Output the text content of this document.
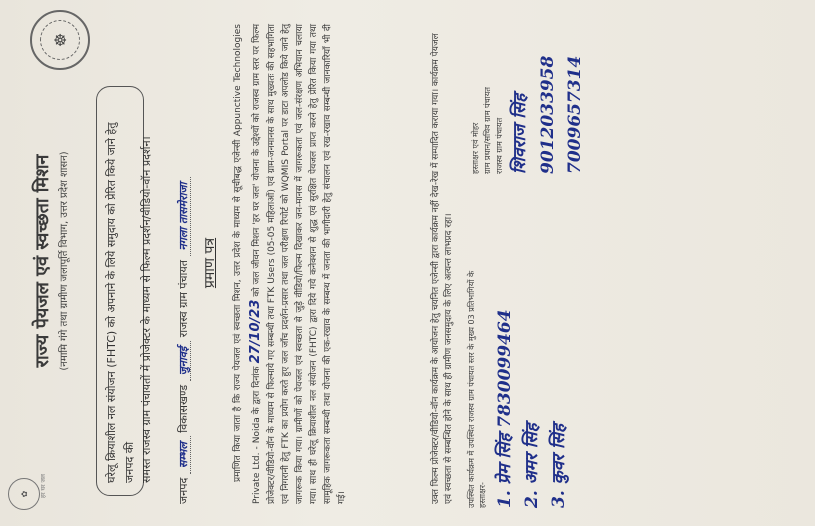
✿	हर घर जल
☸
राज्य पेयजल एवं स्वच्छता मिशन (नमामि गंगे तथा ग्रामीण जलापूर्ति विभाग, उत्तर प्रदेश शासन)	घरेलू क्रियाशील नल संयोजन (FHTC) को अपनाने के लिये समुदाय को प्रेरित किये जाने हेतु जनपद की समस्त राजस्व ग्राम पंचायतों में प्रोजेक्टर के माध्यम से फिल्म प्रदर्शन/वीडियो-वॉन प्रदर्शन।
जनपद सम्भल विकासखण्ड जुनावई राजस्व ग्राम पंचायत नगला तासमेराजा
प्रमाण पत्र प्रमाणित किया जाता है कि राज्य पेयजल एवं स्वच्छता मिशन, उत्तर प्रदेश के माध्यम से सूचीबद्ध एजेन्सी Appunctive Technologies Private Ltd. - Noida के द्वारा दिनांक 27/10/23 को जल जीवन मिशन 'हर घर जल' योजना के उद्देश्यों को राजस्व ग्राम स्तर पर फिल्म प्रोजेक्टर/वीडियो-वॉन के माध्यम से फिल्माये गए सम्बन्धी तथा FTK Users (05-05 महिलाओं) एवं ग्राम-जनमानस के साथ मुख्यतः की सहभागिता एवं निगरानी हेतु FTK का प्रयोग करते हुए जल जाँच प्रदर्शन-प्रसार तथा जल परीक्षण रिपोर्ट को WQMIS Portal पर डाटा अपलोड किये जाने हेतु जागरूक किया गया। ग्रामीणों को पेयजल एवं स्वच्छता से जुड़े वीडियो/फिल्म दिखाकर जन-मानस में जागरूकता एवं जल-संरक्षण अभियान चलाया गया। साथ ही घरेलू क्रियाशील नल संयोजन (FHTC) द्वारा दिये गये कनेक्शन से शुद्ध एवं सुरक्षित पेयजल प्राप्त करने हेतु प्रेरित किया गया तथा सामूहिक जागरूकता सम्बन्धी तथा योजना की एक-रखाव के सम्बन्ध में जनता की भागीदारी हेतु संचालन एवं रख-रखाव सम्बन्धी जानकारियाँ भी दी गई।	उक्त फिल्म प्रोजेक्टर/वीडियो-वॉन कार्यक्रम के आयोजन हेतु चयनित एजेन्सी द्वारा कार्यक्रम नहीं देख-रेख में सम्पादित कराया गया। कार्यक्रम पेयजल एवं स्वच्छता से सम्बन्धित होने के साथ ही ग्रामीण जनसमुदाय के लिए अत्यन्त लाभप्रद रहा। उपस्थित कार्यक्रम में उपस्थित राजस्व ग्राम पंचायत स्तर के मुख्य 03 प्रतिभागियों के हस्ताक्षर- 1. प्रेम सिंह 7830099464 2. अमर सिंह 3. कुवर सिंह
हस्ताक्षर एवं मोहर ग्राम प्रधान/सचिव ग्राम पंचायत राजस्व ग्राम पंचायत शिवराज सिंह 9012033958 7009657314
